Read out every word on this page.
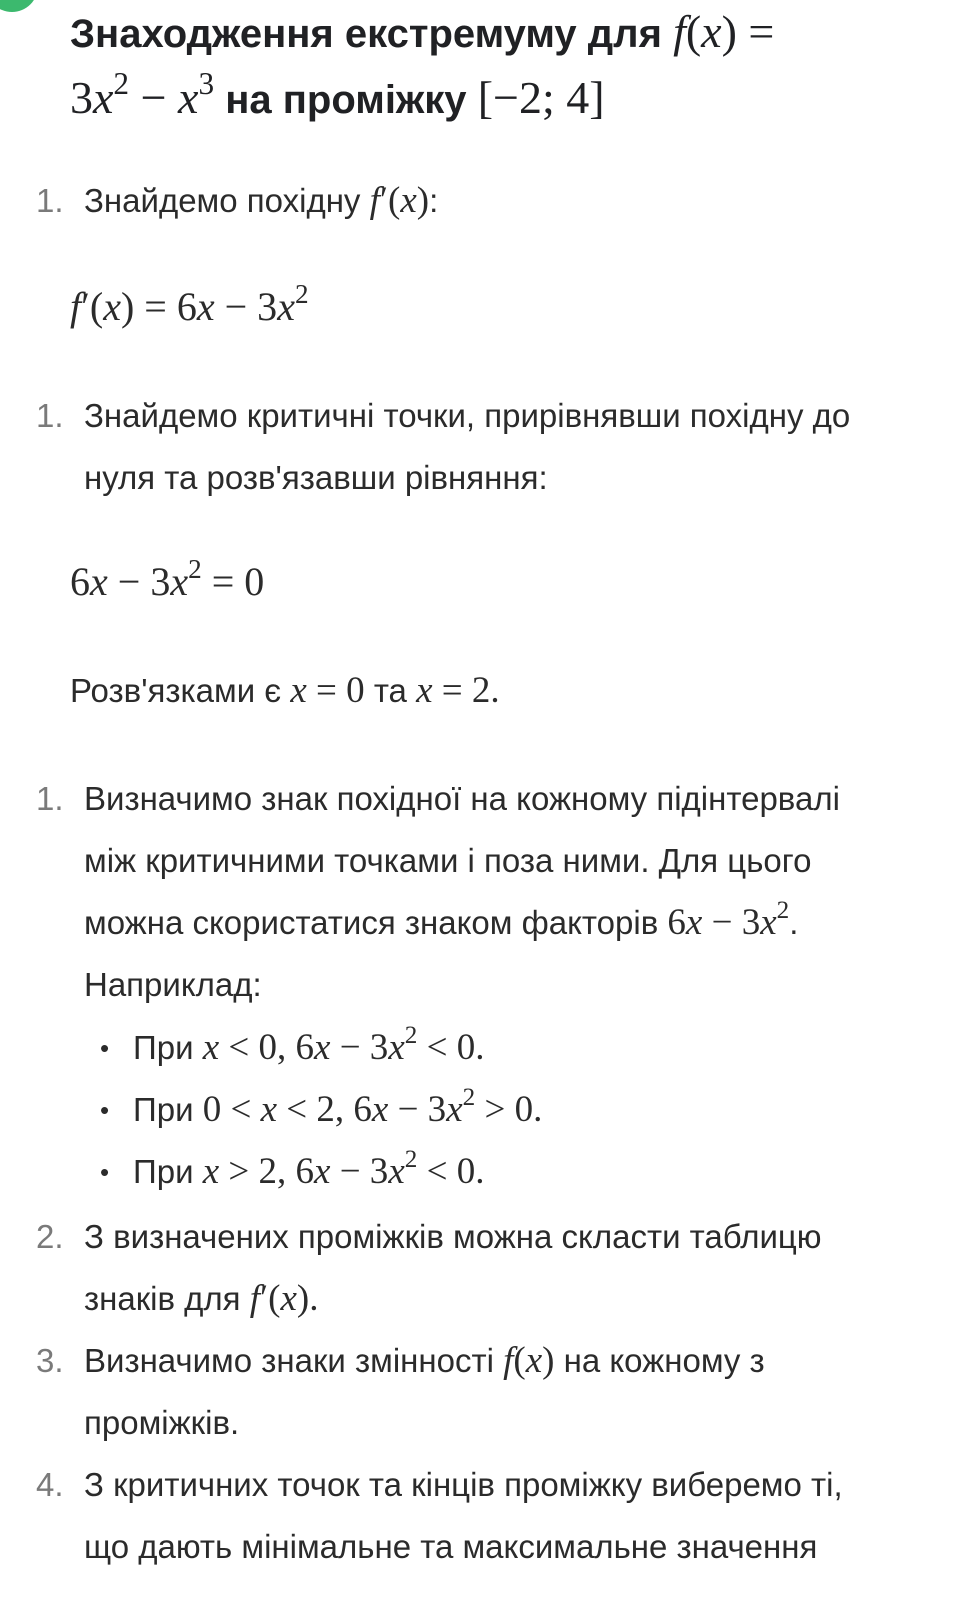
Знаходження екстремуму для f(x) =
$3x^2 - x^3$ на проміжку [−2; 4]
1. Знайдемо похідну f′(x):
$f'(x) = 6x - 3x^2$
1. Знайдемо критичні точки, прирівнявши похідну до
нуля та розв'язавши рівняння:
$6x - 3x^2 = 0$
Розв'язками є x = 0 та x = 2.
1. Визначимо знак похідної на кожному підінтервалі
між критичними точками і поза ними. Для цього
можна скористатися знаком факторів $6x - 3x^2$.
Наприклад:
• При x < 0, $6x - 3x^2 < 0$.
• При 0 < x < 2, $6x - 3x^2 > 0$.
• При x > 2, $6x - 3x^2 < 0$.
2. З визначених проміжків можна скласти таблицю
знаків для f′(x).
3. Визначимо знаки змінності f(x) на кожному з
проміжків.
4. З критичних точок та кінців проміжку виберемо ті,
що дають мінімальне та максимальне значення
